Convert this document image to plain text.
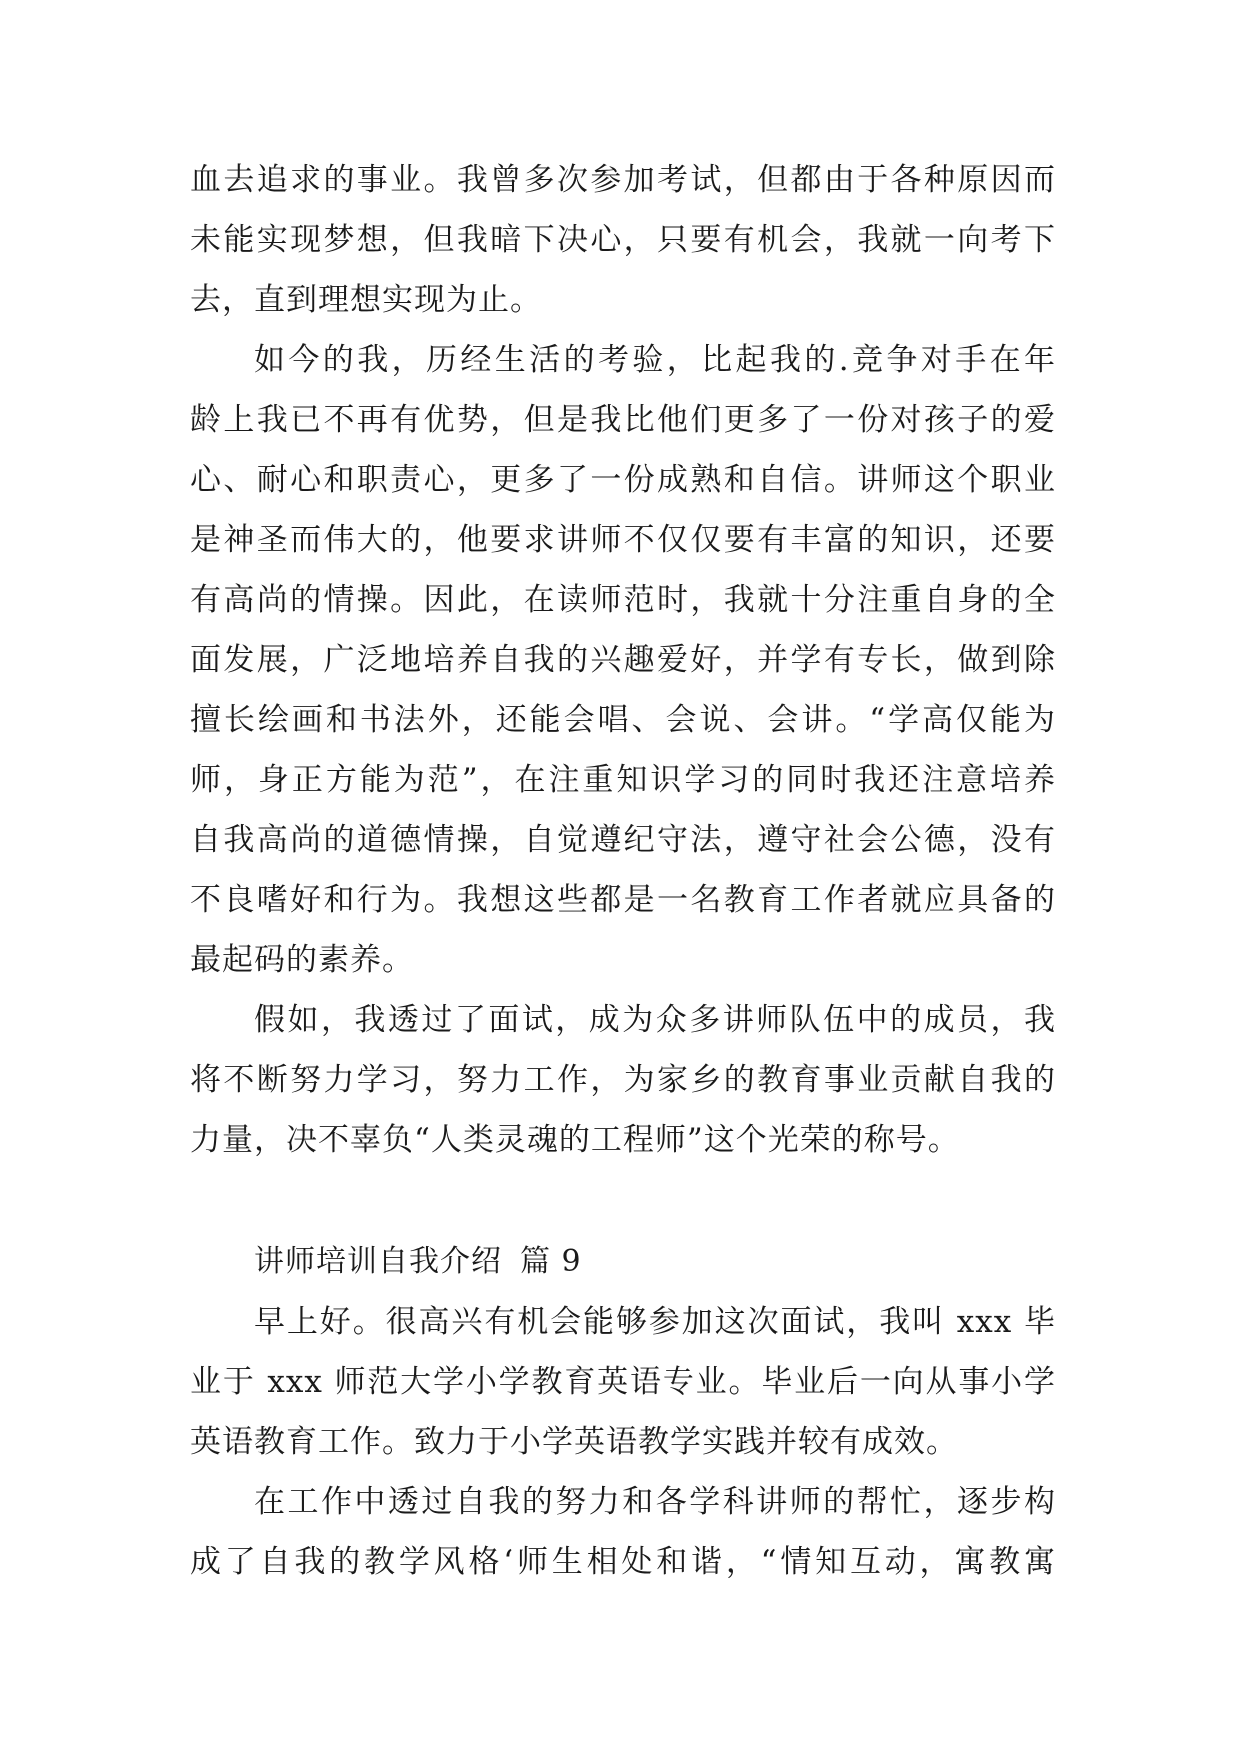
血去追求的事业。我曾多次参加考试，但都由于各种原因而
未能实现梦想，但我暗下决心，只要有机会，我就一向考下
去，直到理想实现为止。
如今的我，历经生活的考验，比起我的.竞争对手在年
龄上我已不再有优势，但是我比他们更多了一份对孩子的爱
心、耐心和职责心，更多了一份成熟和自信。讲师这个职业
是神圣而伟大的，他要求讲师不仅仅要有丰富的知识，还要
有高尚的情操。因此，在读师范时，我就十分注重自身的全
面发展，广泛地培养自我的兴趣爱好，并学有专长，做到除
擅长绘画和书法外，还能会唱、会说、会讲。“学高仅能为
师，身正方能为范”，在注重知识学习的同时我还注意培养
自我高尚的道德情操，自觉遵纪守法，遵守社会公德，没有
不良嗜好和行为。我想这些都是一名教育工作者就应具备的
最起码的素养。
假如，我透过了面试，成为众多讲师队伍中的成员，我
将不断努力学习，努力工作，为家乡的教育事业贡献自我的
力量，决不辜负“人类灵魂的工程师”这个光荣的称号。
讲师培训自我介绍 篇 9
早上好。很高兴有机会能够参加这次面试，我叫 xxx 毕
业于 xxx 师范大学小学教育英语专业。毕业后一向从事小学
英语教育工作。致力于小学英语教学实践并较有成效。
在工作中透过自我的努力和各学科讲师的帮忙，逐步构
成了自我的教学风格‘师生相处和谐，“情知互动，寓教寓
